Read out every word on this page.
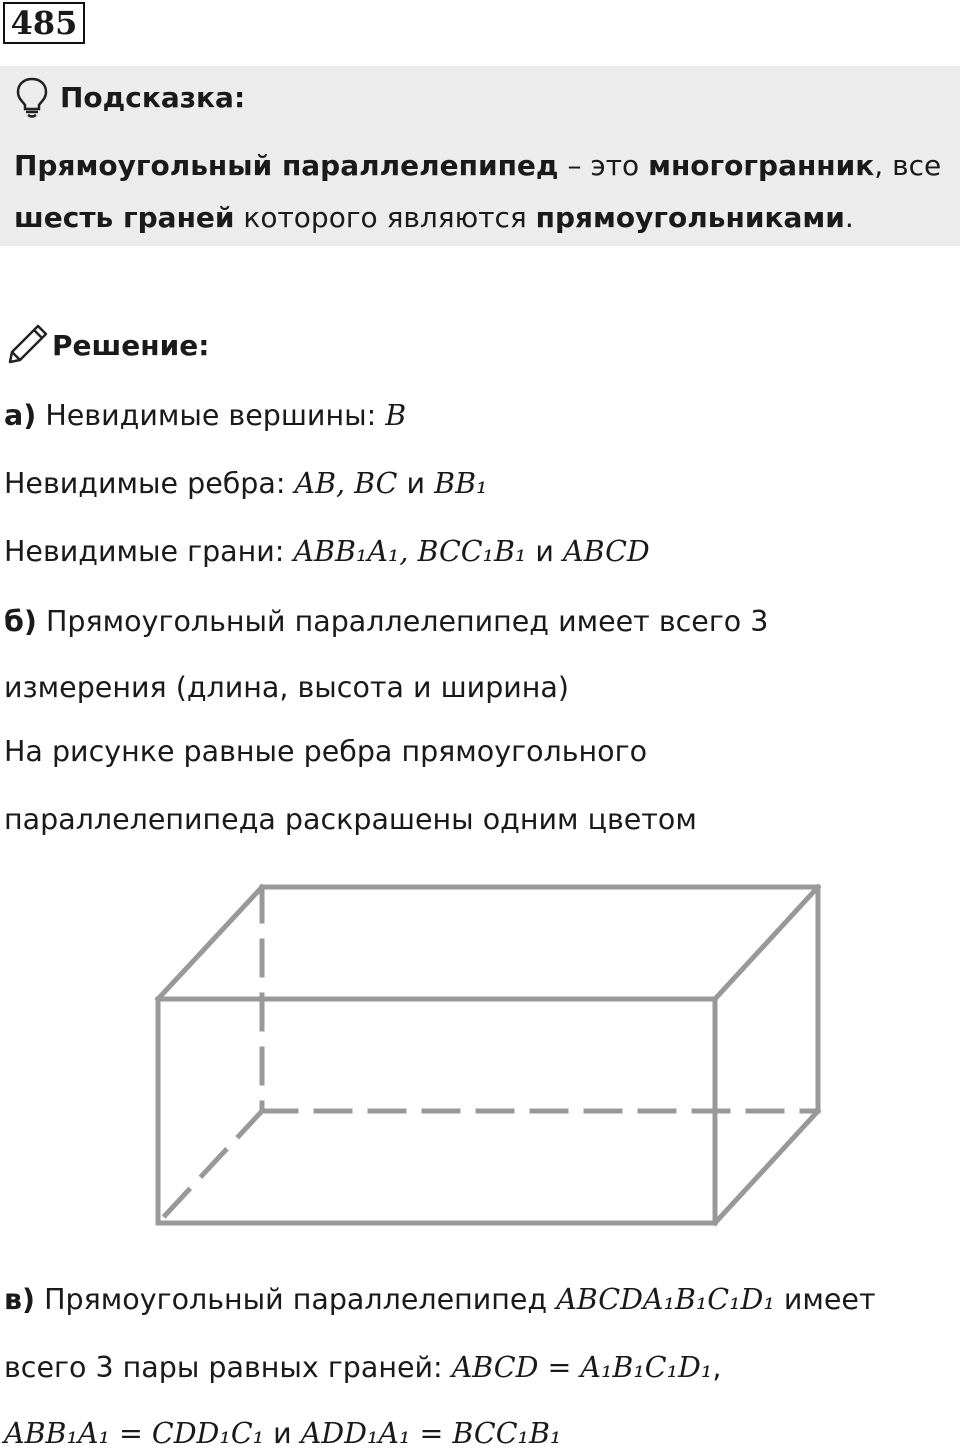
485
Подсказка:
Прямоугольный параллелепипед – это многогранник, все
шесть граней которого являются прямоугольниками.
Решение:
а) Невидимые вершины: B
Невидимые ребра: AB, BC и BB₁
Невидимые грани: ABB₁A₁, BCC₁B₁ и ABCD
б) Прямоугольный параллелепипед имеет всего 3
измерения (длина, высота и ширина)
На рисунке равные ребра прямоугольного
параллелепипеда раскрашены одним цветом
в) Прямоугольный параллелепипед ABCDA₁B₁C₁D₁ имеет
всего 3 пары равных граней: ABCD = A₁B₁C₁D₁,
ABB₁A₁ = CDD₁C₁ и ADD₁A₁ = BCC₁B₁
